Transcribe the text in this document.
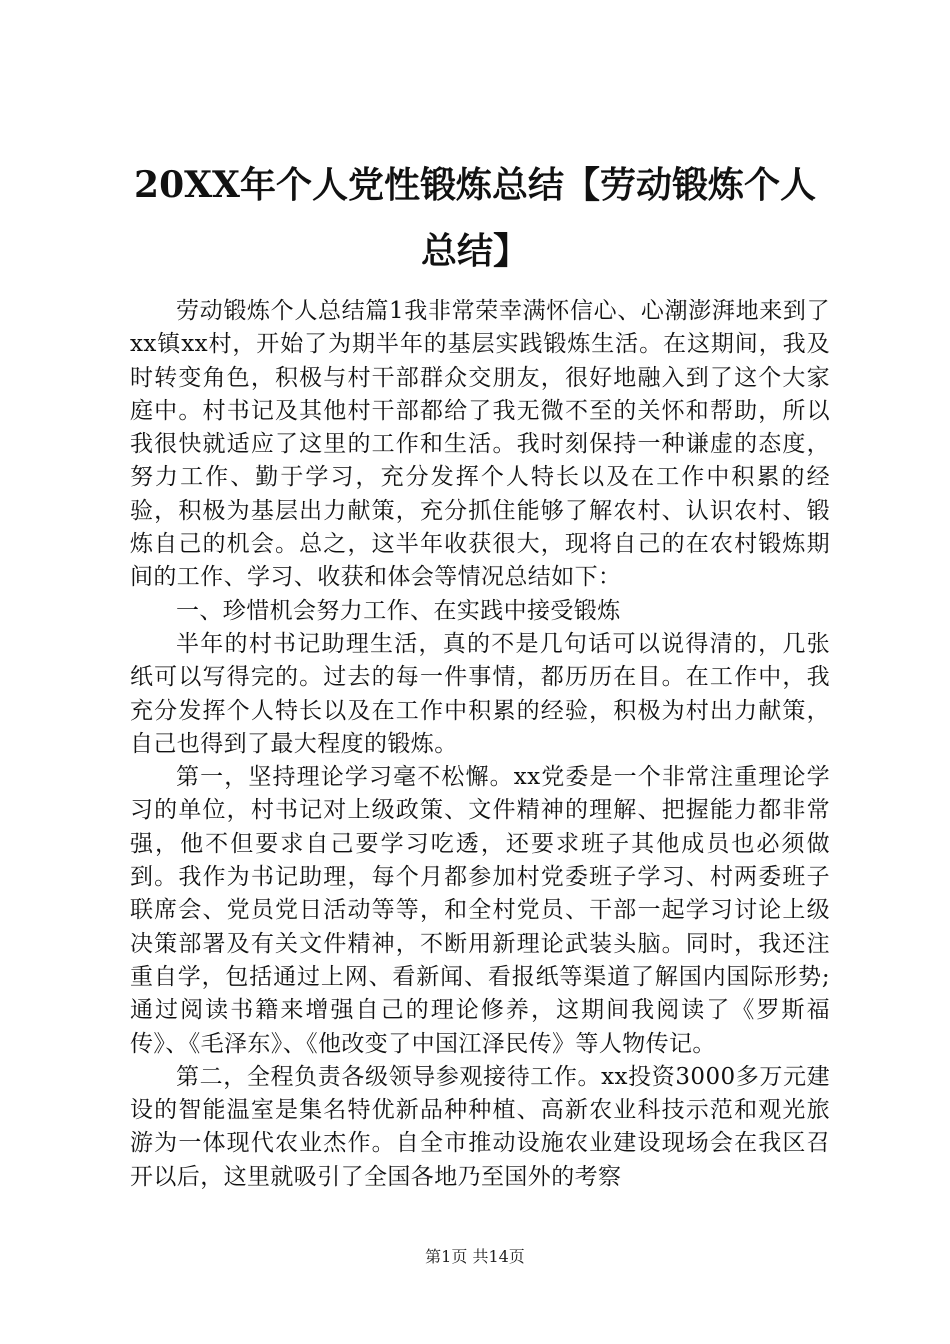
20XX年个人党性锻炼总结【劳动锻炼个人总结】

劳动锻炼个人总结篇1我非常荣幸满怀信心、心潮澎湃地来到了xx镇xx村，开始了为期半年的基层实践锻炼生活。在这期间，我及时转变角色，积极与村干部群众交朋友，很好地融入到了这个大家庭中。村书记及其他村干部都给了我无微不至的关怀和帮助，所以我很快就适应了这里的工作和生活。我时刻保持一种谦虚的态度，努力工作、勤于学习，充分发挥个人特长以及在工作中积累的经验，积极为基层出力献策，充分抓住能够了解农村、认识农村、锻炼自己的机会。总之，这半年收获很大，现将自己的在农村锻炼期间的工作、学习、收获和体会等情况总结如下：

一、珍惜机会努力工作、在实践中接受锻炼

半年的村书记助理生活，真的不是几句话可以说得清的，几张纸可以写得完的。过去的每一件事情，都历历在目。在工作中，我充分发挥个人特长以及在工作中积累的经验，积极为村出力献策，自己也得到了最大程度的锻炼。

第一，坚持理论学习毫不松懈。xx党委是一个非常注重理论学习的单位，村书记对上级政策、文件精神的理解、把握能力都非常强，他不但要求自己要学习吃透，还要求班子其他成员也必须做到。我作为书记助理，每个月都参加村党委班子学习、村两委班子联席会、党员党日活动等等，和全村党员、干部一起学习讨论上级决策部署及有关文件精神，不断用新理论武装头脑。同时，我还注重自学，包括通过上网、看新闻、看报纸等渠道了解国内国际形势;通过阅读书籍来增强自己的理论修养，这期间我阅读了《罗斯福传》、《毛泽东》、《他改变了中国江泽民传》等人物传记。

第二，全程负责各级领导参观接待工作。xx投资3000多万元建设的智能温室是集名特优新品种种植、高新农业科技示范和观光旅游为一体现代农业杰作。自全市推动设施农业建设现场会在我区召开以后，这里就吸引了全国各地乃至国外的考察

第1页 共14页
